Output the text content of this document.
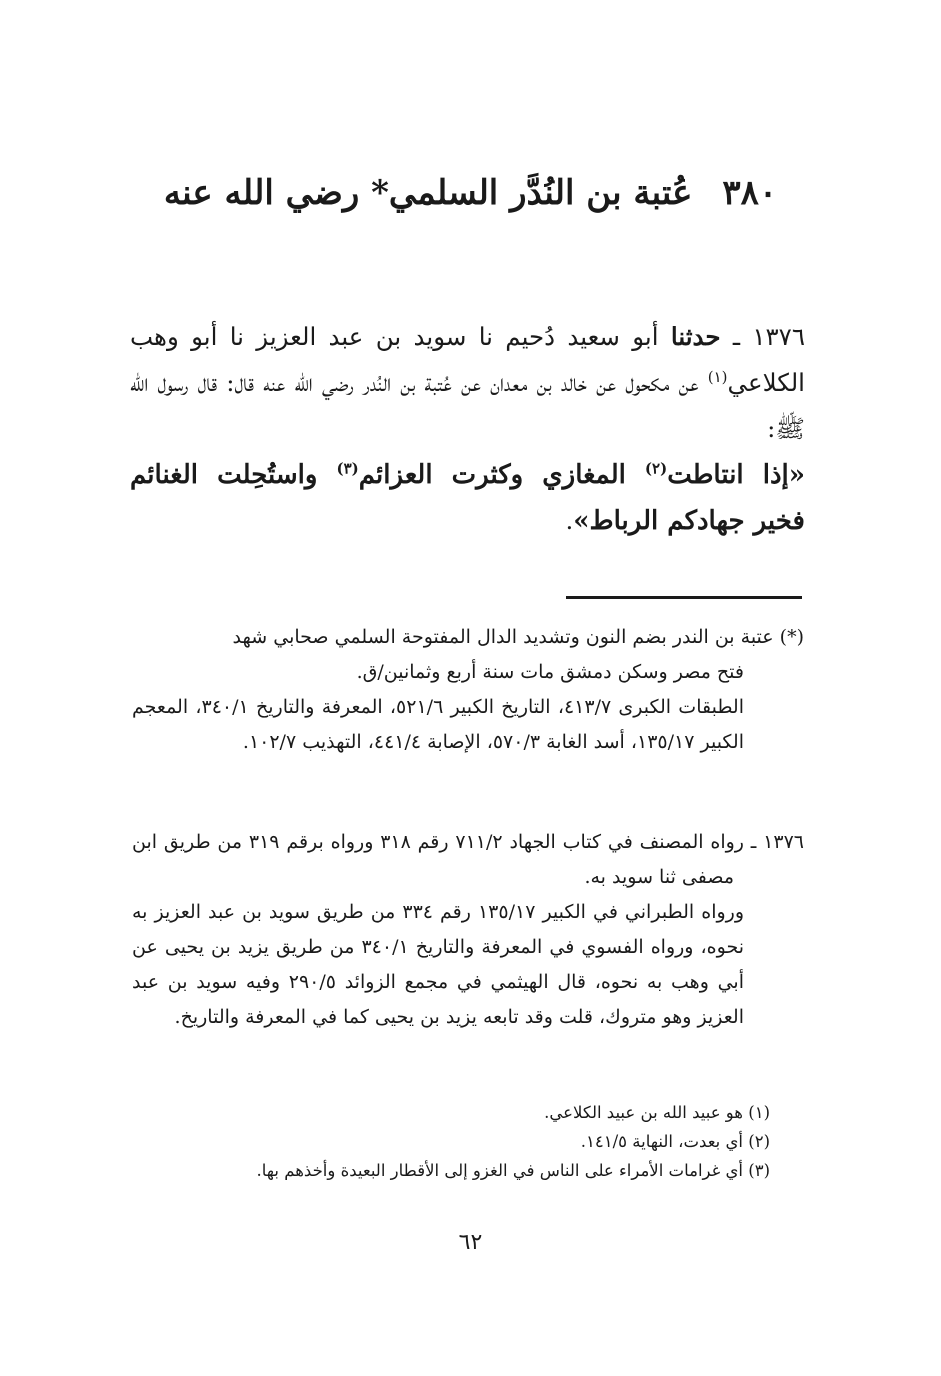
٣٨٠ عُتبة بن النُدَّر السلمي* رضي الله عنه
١٣٧٦ ـ حدثنا أبو سعيد دُحيم نا سويد بن عبد العزيز نا أبو وهب الكلاعي$^{(١)}$ عن مكحول عن خالد بن معدان عن عُتبة بن النُدر رضي الله عنه قال: قال رسول الله ﷺ:
«إذا انتاطت$^{(٢)}$ المغازي وكثرت العزائم$^{(٣)}$ واستُحِلت الغنائم فخير جهادكم الرباط».
(*) عتبة بن الندر بضم النون وتشديد الدال المفتوحة السلمي صحابي شهد
فتح مصر وسكن دمشق مات سنة أربع وثمانين/ق.
الطبقات الكبرى ٤١٣/٧، التاريخ الكبير ٥٢١/٦، المعرفة والتاريخ ٣٤٠/١، المعجم الكبير ١٣٥/١٧، أسد الغابة ٥٧٠/٣، الإصابة ٤٤١/٤، التهذيب ١٠٢/٧.
١٣٧٦ ـ رواه المصنف في كتاب الجهاد ٧١١/٢ رقم ٣١٨ ورواه برقم ٣١٩ من طريق ابن مصفى ثنا سويد به.
ورواه الطبراني في الكبير ١٣٥/١٧ رقم ٣٣٤ من طريق سويد بن عبد العزيز به نحوه، ورواه الفسوي في المعرفة والتاريخ ٣٤٠/١ من طريق يزيد بن يحيى عن أبي وهب به نحوه، قال الهيثمي في مجمع الزوائد ٢٩٠/٥ وفيه سويد بن عبد العزيز وهو متروك، قلت وقد تابعه يزيد بن يحيى كما في المعرفة والتاريخ.
(١) هو عبيد الله بن عبيد الكلاعي.
(٢) أي بعدت، النهاية ١٤١/٥.
(٣) أي غرامات الأمراء على الناس في الغزو إلى الأقطار البعيدة وأخذهم بها.
٦٢
